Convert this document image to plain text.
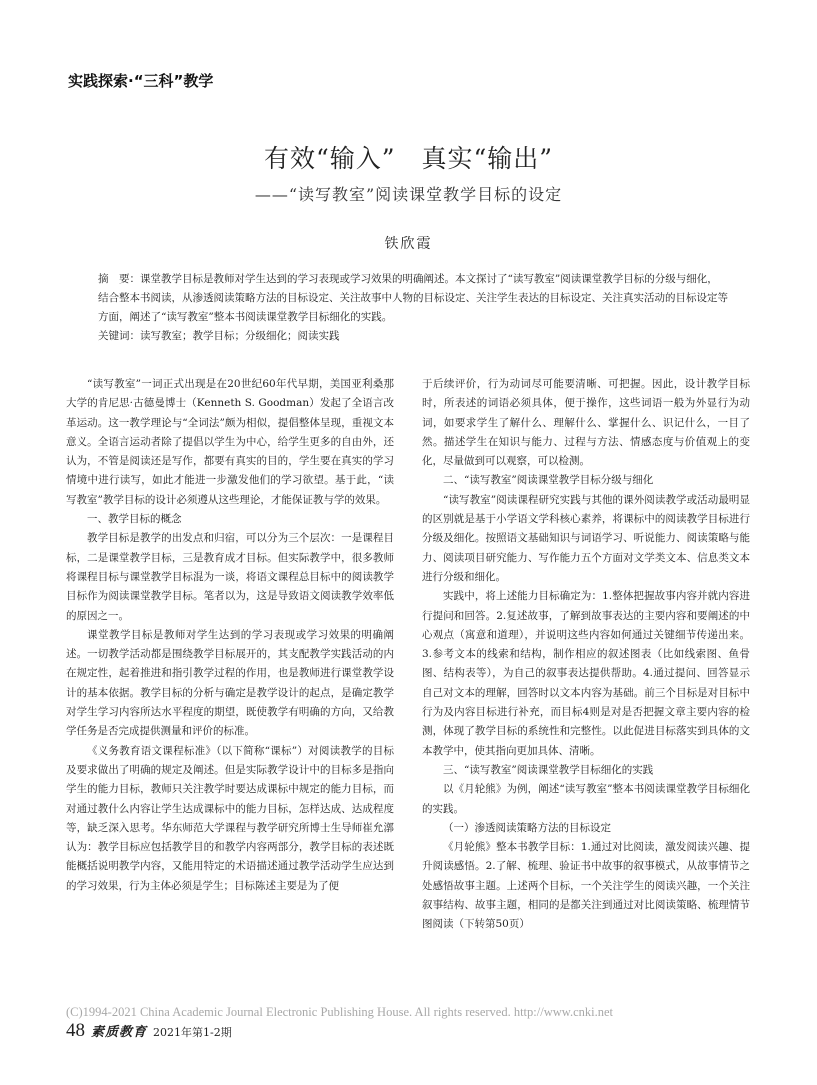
实践探索·“三科”教学
有效“输入” 真实“输出”
——“读写教室”阅读课堂教学目标的设定
铁欣霞

摘　要：课堂教学目标是教师对学生达到的学习表现或学习效果的明确阐述。本文探讨了“读写教室”阅读课堂教学目标的分级与细化，结合整本书阅读，从渗透阅读策略方法的目标设定、关注故事中人物的目标设定、关注学生表达的目标设定、关注真实活动的目标设定等方面，阐述了“读写教室”整本书阅读课堂教学目标细化的实践。

关键词：读写教室；教学目标；分级细化；阅读实践

“读写教室”一词正式出现是在20世纪60年代早期，美国亚利桑那大学的肯尼思·古德曼博士（Kenneth S. Goodman）发起了全语言改革运动。这一教学理论与“全词法”颇为相似，提倡整体呈现，重视文本意义。全语言运动者除了提倡以学生为中心，给学生更多的自由外，还认为，不管是阅读还是写作，都要有真实的目的，学生要在真实的学习情境中进行读写，如此才能进一步激发他们的学习欲望。基于此，“读写教室”教学目标的设计必须遵从这些理论，才能保证教与学的效果。

一、教学目标的概念

教学目标是教学的出发点和归宿，可以分为三个层次：一是课程目标，二是课堂教学目标，三是教育成才目标。但实际教学中，很多教师将课程目标与课堂教学目标混为一谈，将语文课程总目标中的阅读教学目标作为阅读课堂教学目标。笔者以为，这是导致语文阅读教学效率低的原因之一。

课堂教学目标是教师对学生达到的学习表现或学习效果的明确阐述。一切教学活动都是围绕教学目标展开的，其支配教学实践活动的内在规定性，起着推进和指引教学过程的作用，也是教师进行课堂教学设计的基本依据。教学目标的分析与确定是教学设计的起点，是确定教学对学生学习内容所达水平程度的期望，既使教学有明确的方向，又给教学任务是否完成提供测量和评价的标准。

《义务教育语文课程标准》（以下简称“课标”）对阅读教学的目标及要求做出了明确的规定及阐述。但是实际教学设计中的目标多是指向学生的能力目标，教师只关注教学时要达成课标中规定的能力目标，而对通过教什么内容让学生达成课标中的能力目标，怎样达成、达成程度等，缺乏深入思考。华东师范大学课程与教学研究所博士生导师崔允漷认为：教学目标应包括教学目的和教学内容两部分，教学目标的表述既能概括说明教学内容，又能用特定的术语描述通过教学活动学生应达到的学习效果，行为主体必须是学生；目标陈述主要是为了便

于后续评价，行为动词尽可能要清晰、可把握。因此，设计教学目标时，所表述的词语必须具体，便于操作，这些词语一般为外显行为动词，如要求学生了解什么、理解什么、掌握什么、识记什么，一目了然。描述学生在知识与能力、过程与方法、情感态度与价值观上的变化，尽量做到可以观察，可以检测。

二、“读写教室”阅读课堂教学目标分级与细化

“读写教室”阅读课程研究实践与其他的课外阅读教学或活动最明显的区别就是基于小学语文学科核心素养，将课标中的阅读教学目标进行分级及细化。按照语文基础知识与词语学习、听说能力、阅读策略与能力、阅读项目研究能力、写作能力五个方面对文学类文本、信息类文本进行分级和细化。

实践中，将上述能力目标确定为：1.整体把握故事内容并就内容进行提问和回答。2.复述故事，了解到故事表达的主要内容和要阐述的中心观点（寓意和道理），并说明这些内容如何通过关键细节传递出来。3.参考文本的线索和结构，制作相应的叙述图表（比如线索图、鱼骨图、结构表等），为自己的叙事表达提供帮助。4.通过提问、回答显示自己对文本的理解，回答时以文本内容为基础。前三个目标是对目标中行为及内容目标进行补充，而目标4则是对是否把握文章主要内容的检测，体现了教学目标的系统性和完整性。以此促进目标落实到具体的文本教学中，使其指向更加具体、清晰。

三、“读写教室”阅读课堂教学目标细化的实践

以《月轮熊》为例，阐述“读写教室”整本书阅读课堂教学目标细化的实践。

（一）渗透阅读策略方法的目标设定

《月轮熊》整本书教学目标：1.通过对比阅读，激发阅读兴趣、提升阅读感悟。2.了解、梳理、验证书中故事的叙事模式，从故事情节之处感悟故事主题。上述两个目标，一个关注学生的阅读兴趣，一个关注叙事结构、故事主题，相同的是都关注到通过对比阅读策略、梳理情节图阅读（下转第50页）

(C)1994-2021 China Academic Journal Electronic Publishing House. All rights reserved. http://www.cnki.net
48 素质教育 2021年第1-2期
